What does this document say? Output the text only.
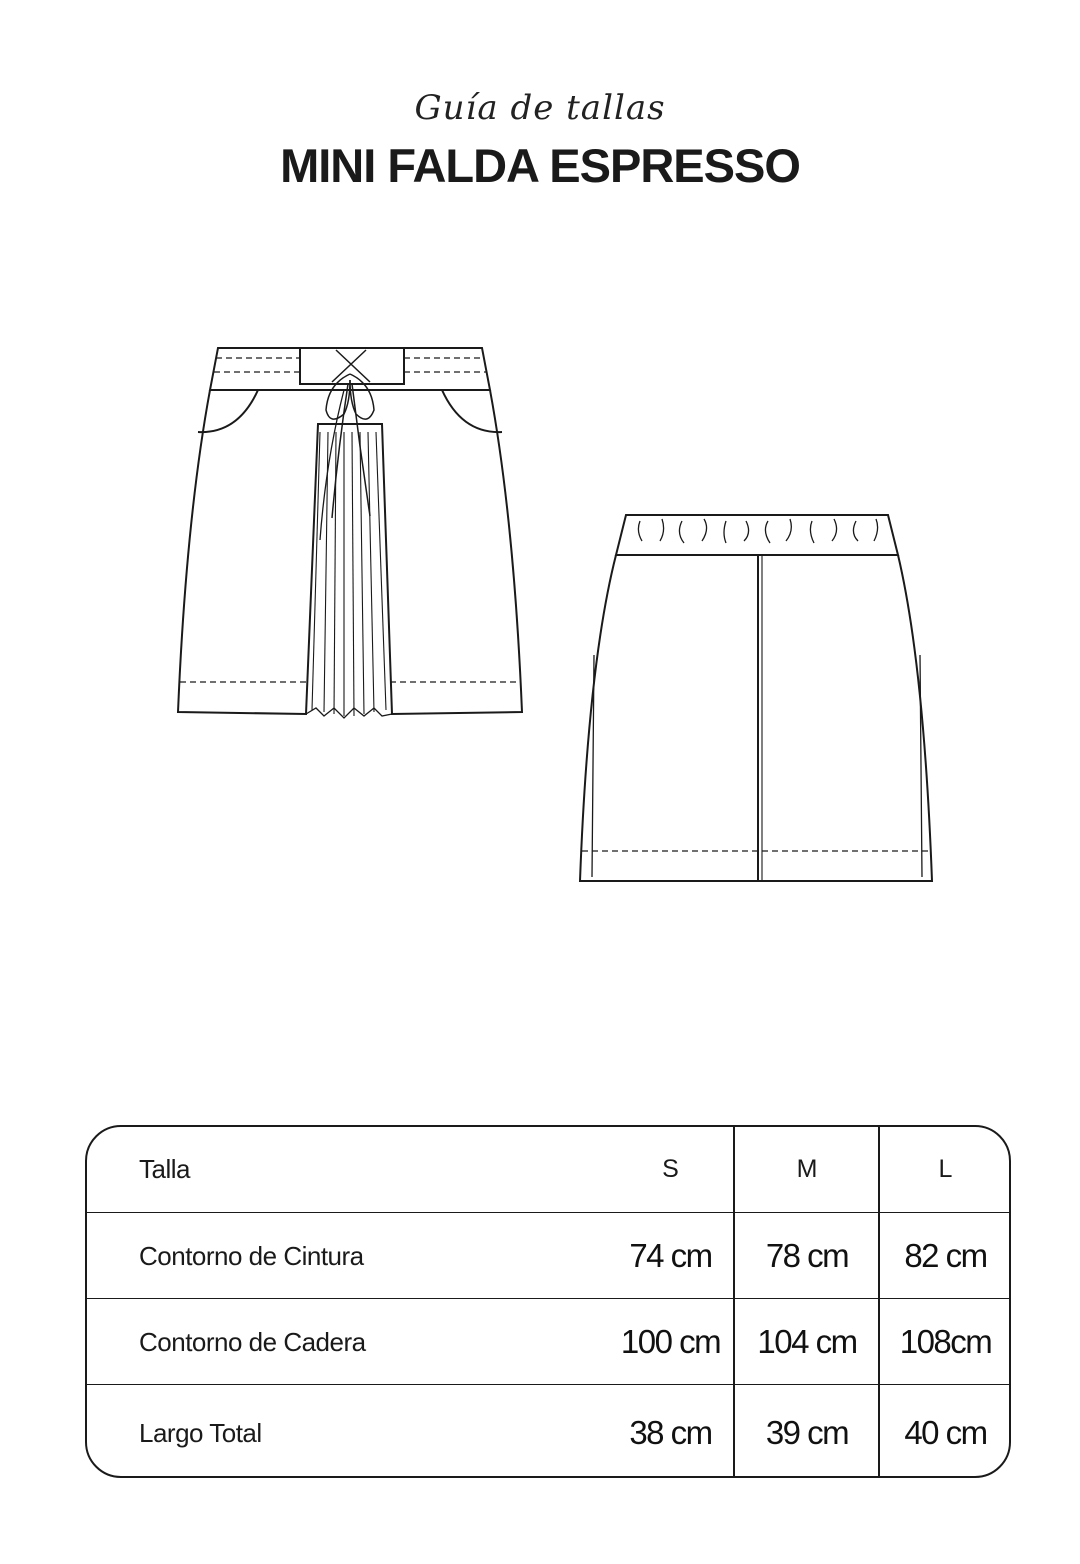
Guía de tallas
MINI FALDA ESPRESSO
Talla	S	M	L
Contorno de Cintura	74 cm	78 cm	82 cm
Contorno de Cadera	100 cm	104 cm	108cm
Largo Total	38 cm	39 cm	40 cm
